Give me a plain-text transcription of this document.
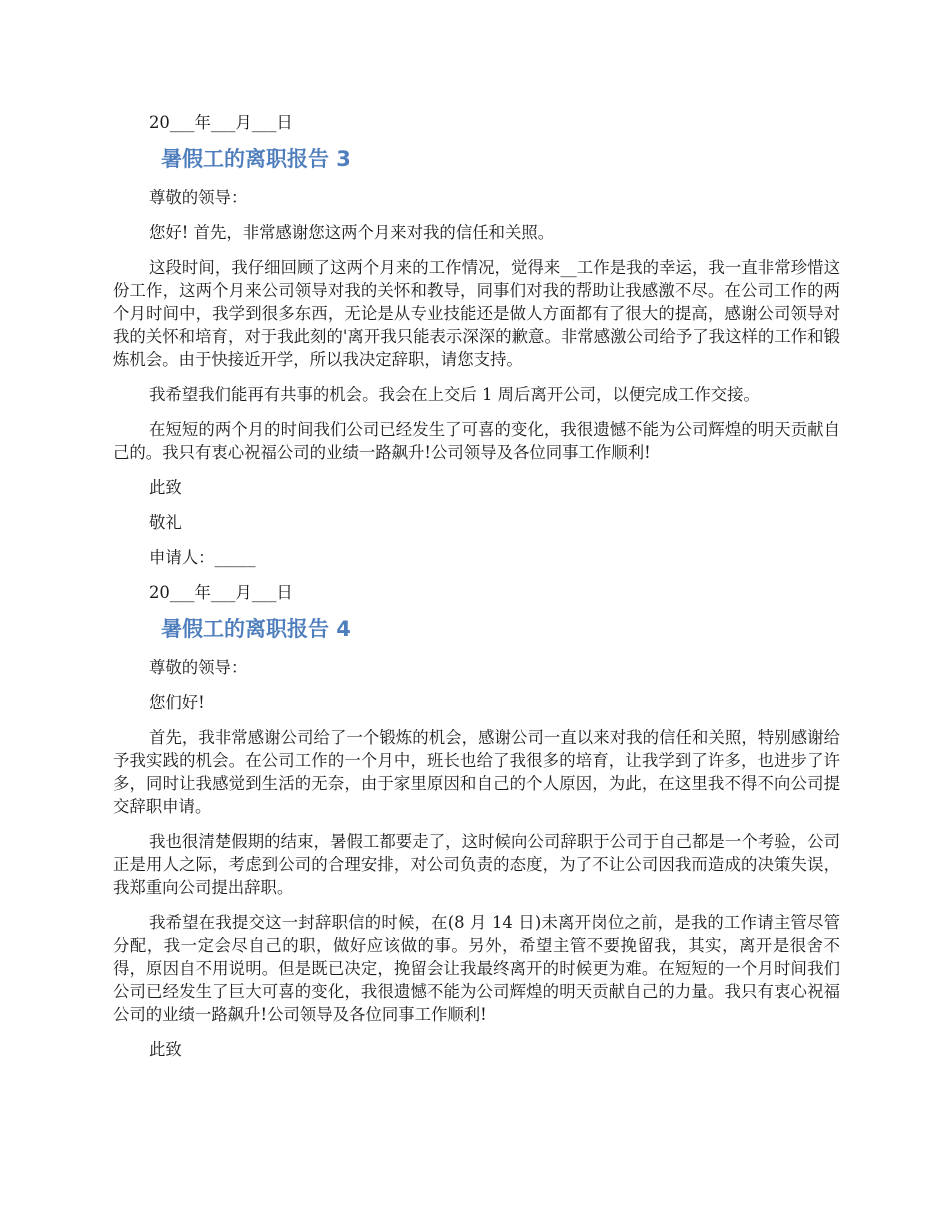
20___年___月___日

暑假工的离职报告 3

尊敬的领导：

您好! 首先，非常感谢您这两个月来对我的信任和关照。

这段时间，我仔细回顾了这两个月来的工作情况，觉得来__工作是我的幸运，我一直非常珍惜这份工作，这两个月来公司领导对我的关怀和教导，同事们对我的帮助让我感激不尽。在公司工作的两个月时间中，我学到很多东西，无论是从专业技能还是做人方面都有了很大的提高，感谢公司领导对我的关怀和培育，对于我此刻的'离开我只能表示深深的歉意。非常感激公司给予了我这样的工作和锻炼机会。由于快接近开学，所以我决定辞职，请您支持。

我希望我们能再有共事的机会。我会在上交后 1 周后离开公司，以便完成工作交接。

在短短的两个月的时间我们公司已经发生了可喜的变化，我很遗憾不能为公司辉煌的明天贡献自己的。我只有衷心祝福公司的业绩一路飙升!公司领导及各位同事工作顺利!

此致

敬礼

申请人：_____

20___年___月___日

暑假工的离职报告 4

尊敬的领导：

您们好!

首先，我非常感谢公司给了一个锻炼的机会，感谢公司一直以来对我的信任和关照，特别感谢给予我实践的机会。在公司工作的一个月中，班长也给了我很多的培育，让我学到了许多，也进步了许多，同时让我感觉到生活的无奈，由于家里原因和自己的个人原因，为此，在这里我不得不向公司提交辞职申请。

我也很清楚假期的结束，暑假工都要走了，这时候向公司辞职于公司于自己都是一个考验，公司正是用人之际，考虑到公司的合理安排，对公司负责的态度，为了不让公司因我而造成的决策失误，我郑重向公司提出辞职。

我希望在我提交这一封辞职信的时候，在(8 月 14 日)未离开岗位之前，是我的工作请主管尽管分配，我一定会尽自己的职，做好应该做的事。另外，希望主管不要挽留我，其实，离开是很舍不得，原因自不用说明。但是既已决定，挽留会让我最终离开的时候更为难。在短短的一个月时间我们公司已经发生了巨大可喜的变化，我很遗憾不能为公司辉煌的明天贡献自己的力量。我只有衷心祝福公司的业绩一路飙升!公司领导及各位同事工作顺利!

此致
